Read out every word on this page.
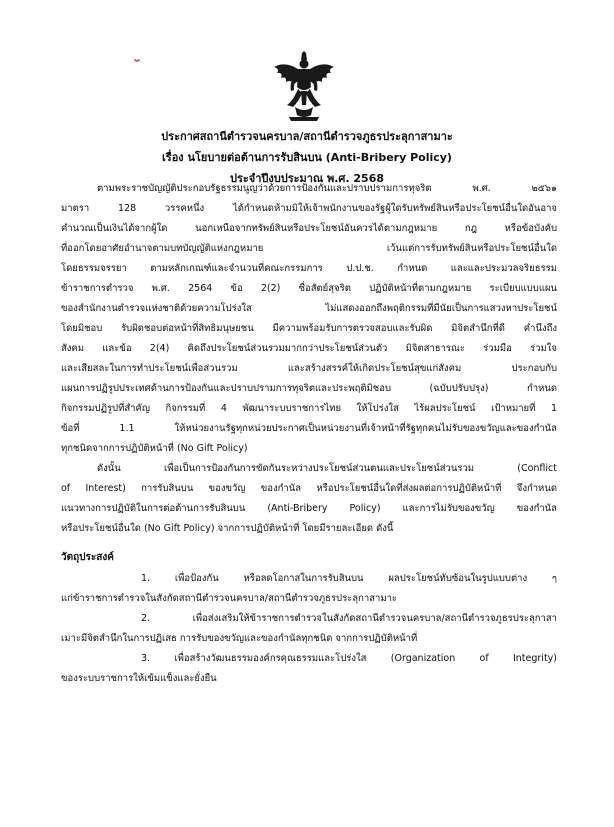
ประกาศสถานีตำรวจนครบาล/สถานีตำรวจภูธรประลุกาสามาะ
เรื่อง นโยบายต่อต้านการรับสินบน (Anti-Bribery Policy)
ประจำปีงบประมาณ พ.ศ. 2568
ตามพระราชบัญญัติประกอบรัฐธรรมนูญว่าด้วยการป้องกันและปราบปรามการทุจริต พ.ศ. ๒๕๖๑
มาตรา 128 วรรคหนึ่ง ได้กำหนดห้ามมิให้เจ้าพนักงานของรัฐผู้ใดรับทรัพย์สินหรือประโยชน์อื่นใดอันอาจ
คำนวณเป็นเงินได้จากผู้ใด นอกเหนือจากทรัพย์สินหรือประโยชน์อันควรได้ตามกฎหมาย กฎ หรือข้อบังคับ
ที่ออกโดยอาศัยอำนาจตามบทบัญญัติแห่งกฎหมาย เว้นแต่การรับทรัพย์สินหรือประโยชน์อื่นใด
โดยธรรมจรรยา ตามหลักเกณฑ์และจำนวนที่คณะกรรมการ ป.ป.ช. กำหนด และและประมวลจริยธรรม
ข้าราชการตำรวจ พ.ศ. 2564 ข้อ 2(2) ซื่อสัตย์สุจริต ปฏิบัติหน้าที่ตามกฎหมาย ระเบียบแบบแผน
ของสำนักงานตำรวจแห่งชาติด้วยความโปร่งใส ไม่แสดงออกถึงพฤติกรรมที่มีนัยเป็นการแสวงหาประโยชน์
โดยมิชอบ รับผิดชอบต่อหน้าที่สิทธิมนุษยชน มีความพร้อมรับการตรวจสอบและรับผิด มิจิตสำนึกที่ดี คำนึงถึง
สังคม และข้อ 2(4) คิดถึงประโยชน์ส่วนรวมมากกว่าประโยชน์ส่วนตัว มิจิตสาธารณะ ร่วมมือ ร่วมใจ
และเสียสละในการทำประโยชน์เพื่อส่วนรวม และสร้างสรรค์ให้เกิดประโยชน์สุขแก่สังคม ประกอบกับ
แผนการปฏิรูปประเทศด้านการป้องกันและปราบปรามการทุจริตและประพฤติมิชอบ (ฉบับปรับปรุง) กำหนด
กิจกรรมปฏิรูปที่สำคัญ กิจกรรมที่ 4 พัฒนาระบบราชการไทย ให้โปร่งใส ไร้ผลประโยชน์ เป้าหมายที่ 1
ข้อที่ 1.1 ให้หน่วยงานรัฐทุกหน่วยประกาศเป็นหน่วยงานที่เจ้าหน้าที่รัฐทุกคนไม่รับของขวัญและของกำนัล
ทุกชนิดจากการปฏิบัติหน้าที่ (No Gift Policy)
ดังนั้น เพื่อเป็นการป้องกันการขัดกันระหว่างประโยชน์ส่วนตนและประโยชน์ส่วนรวม (Conflict
of Interest) การรับสินบน ของขวัญ ของกำนัล หรือประโยชน์อื่นใดที่ส่งผลต่อการปฏิบัติหน้าที่ จึงกำหนด
แนวทางการปฏิบัติในการต่อต้านการรับสินบน (Anti-Bribery Policy) และการไม่รับของขวัญ ของกำนัล
หรือประโยชน์อื่นใด (No Gift Policy) จากการปฏิบัติหน้าที่ โดยมีรายละเอียด ดังนี้
วัตถุประสงค์
1. เพื่อป้องกัน หรือลดโอกาสในการรับสินบน ผลประโยชน์ทับซ้อนในรูปแบบต่าง ๆ
แก่ข้าราชการตำรวจในสังกัดสถานีตำรวจนครบาล/สถานีตำรวจภูธรประลุกาสามาะ
2. เพื่อส่งเสริมให้ข้าราชการตำรวจในสังกัดสถานีตำรวจนครบาล/สถานีตำรวจภูธรประลุกาสา
เมาะมีจิตสำนึกในการปฏิเสธ การรับของขวัญและของกำนัลทุกชนิด จากการปฏิบัติหน้าที่
3. เพื่อสร้างวัฒนธรรมองค์กรคุณธรรมและโปร่งใส (Organization of Integrity)
ของระบบราชการให้เข้มแข็งและยั่งยืน
